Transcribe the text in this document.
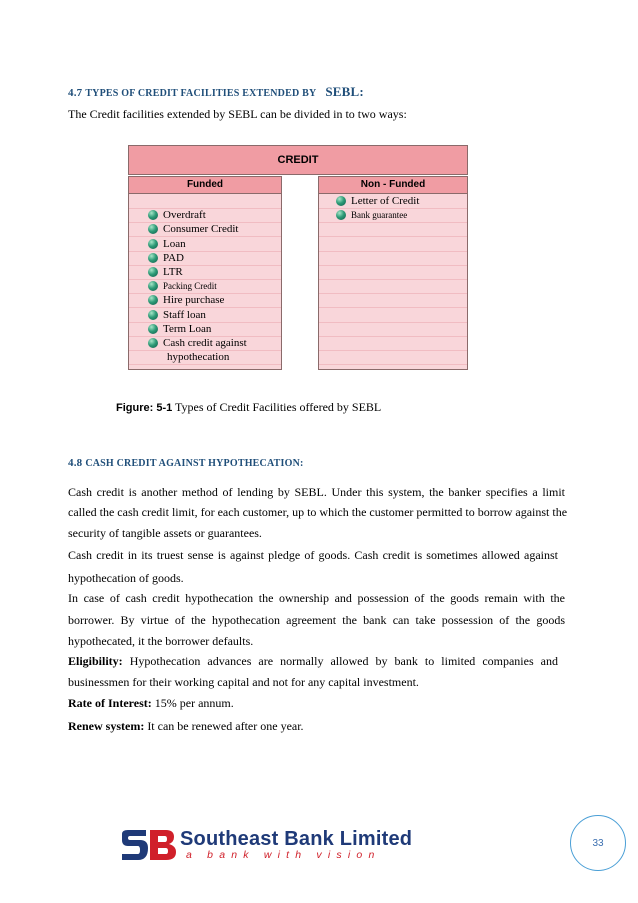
4.7 TYPES OF CREDIT FACILITIES EXTENDED BY SEBL:
The Credit facilities extended by SEBL can be divided in to two ways:
CREDIT
Funded
Overdraft
Consumer Credit
Loan
PAD
LTR
Packing Credit
Hire purchase
Staff loan
Term Loan
Cash credit against
hypothecation
Non - Funded
Letter of Credit
Bank guarantee
Figure: 5-1 Types of Credit Facilities offered by SEBL
4.8 CASH CREDIT AGAINST HYPOTHECATION:
Cash credit is another method of lending by SEBL. Under this system, the banker specifies a limit
called the cash credit limit, for each customer, up to which the customer permitted to borrow against the
security of tangible assets or guarantees.
Cash credit in its truest sense is against pledge of goods. Cash credit is sometimes allowed against
hypothecation of goods.
In case of cash credit hypothecation the ownership and possession of the goods remain with the
borrower. By virtue of the hypothecation agreement the bank can take possession of the goods
hypothecated, it the borrower defaults.
Eligibility: Hypothecation advances are normally allowed by bank to limited companies and
businessmen for their working capital and not for any capital investment.
Rate of Interest: 15% per annum.
Renew system: It can be renewed after one year.
Southeast Bank Limited
a bank with vision
33
